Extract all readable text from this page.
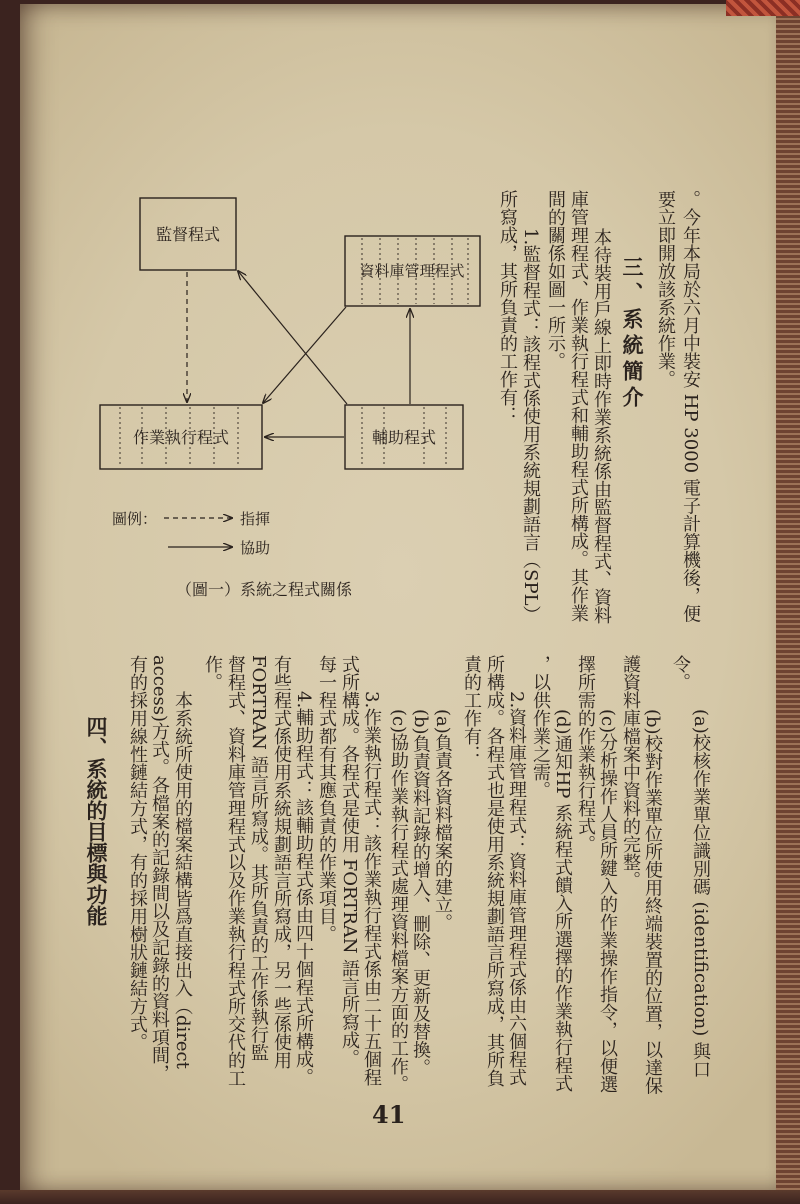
。今年本局於六月中裝安 HP 3000 電子計算機後，便
要立即開放該系統作業。
三、系統簡介
本待裝用戶線上即時作業系統係由監督程式、資料
庫管理程式、作業執行程式和輔助程式所構成。其作業
間的關係如圖一所示。
1.監督程式：該程式係使用系統規劃語言（SPL）
所寫成，其所負責的工作有：
監督程式
資料庫管理程式
作業執行程式	輔助程式
圖例：	指揮
協助
（圖一）系統之程式關係
(a)校核作業單位識別碼 (identification) 與口
令。
(b)校對作業單位所使用終端裝置的位置，以達保
護資料庫檔案中資料的完整。
(c)分析操作人員所鍵入的作業操作指令，以便選
擇所需的作業執行程式。
(d)通知HP 系統程式饋入所選擇的作業執行程式
，以供作業之需。
2.資料庫管理程式：資料庫管理程式係由六個程式
所構成。各程式也是使用系統規劃語言所寫成，其所負
責的工作有：
(a)負責各資料檔案的建立。
(b)負責資料記錄的增入、刪除、更新及替換。
(c)協助作業執行程式處理資料檔案方面的工作。
3.作業執行程式：該作業執行程式係由二十五個程
式所構成。各程式是使用 FORTRAN 語言所寫成。
每一程式都有其應負責的作業項目。
4.輔助程式：該輔助程式係由四十個程式所構成。
有些程式係使用系統規劃語言所寫成，另一些係使用
FORTRAN 語言所寫成。其所負責的工作係執行監
督程式、資料庫管理程式以及作業執行程式所交代的工
作。
本系統所使用的檔案結構皆爲直接出入（direct
access)方式。各檔案的記錄間以及記錄的資料項間，
有的採用線性鏈結方式，有的採用樹狀鏈結方式。
四、系統的目標與功能
41
